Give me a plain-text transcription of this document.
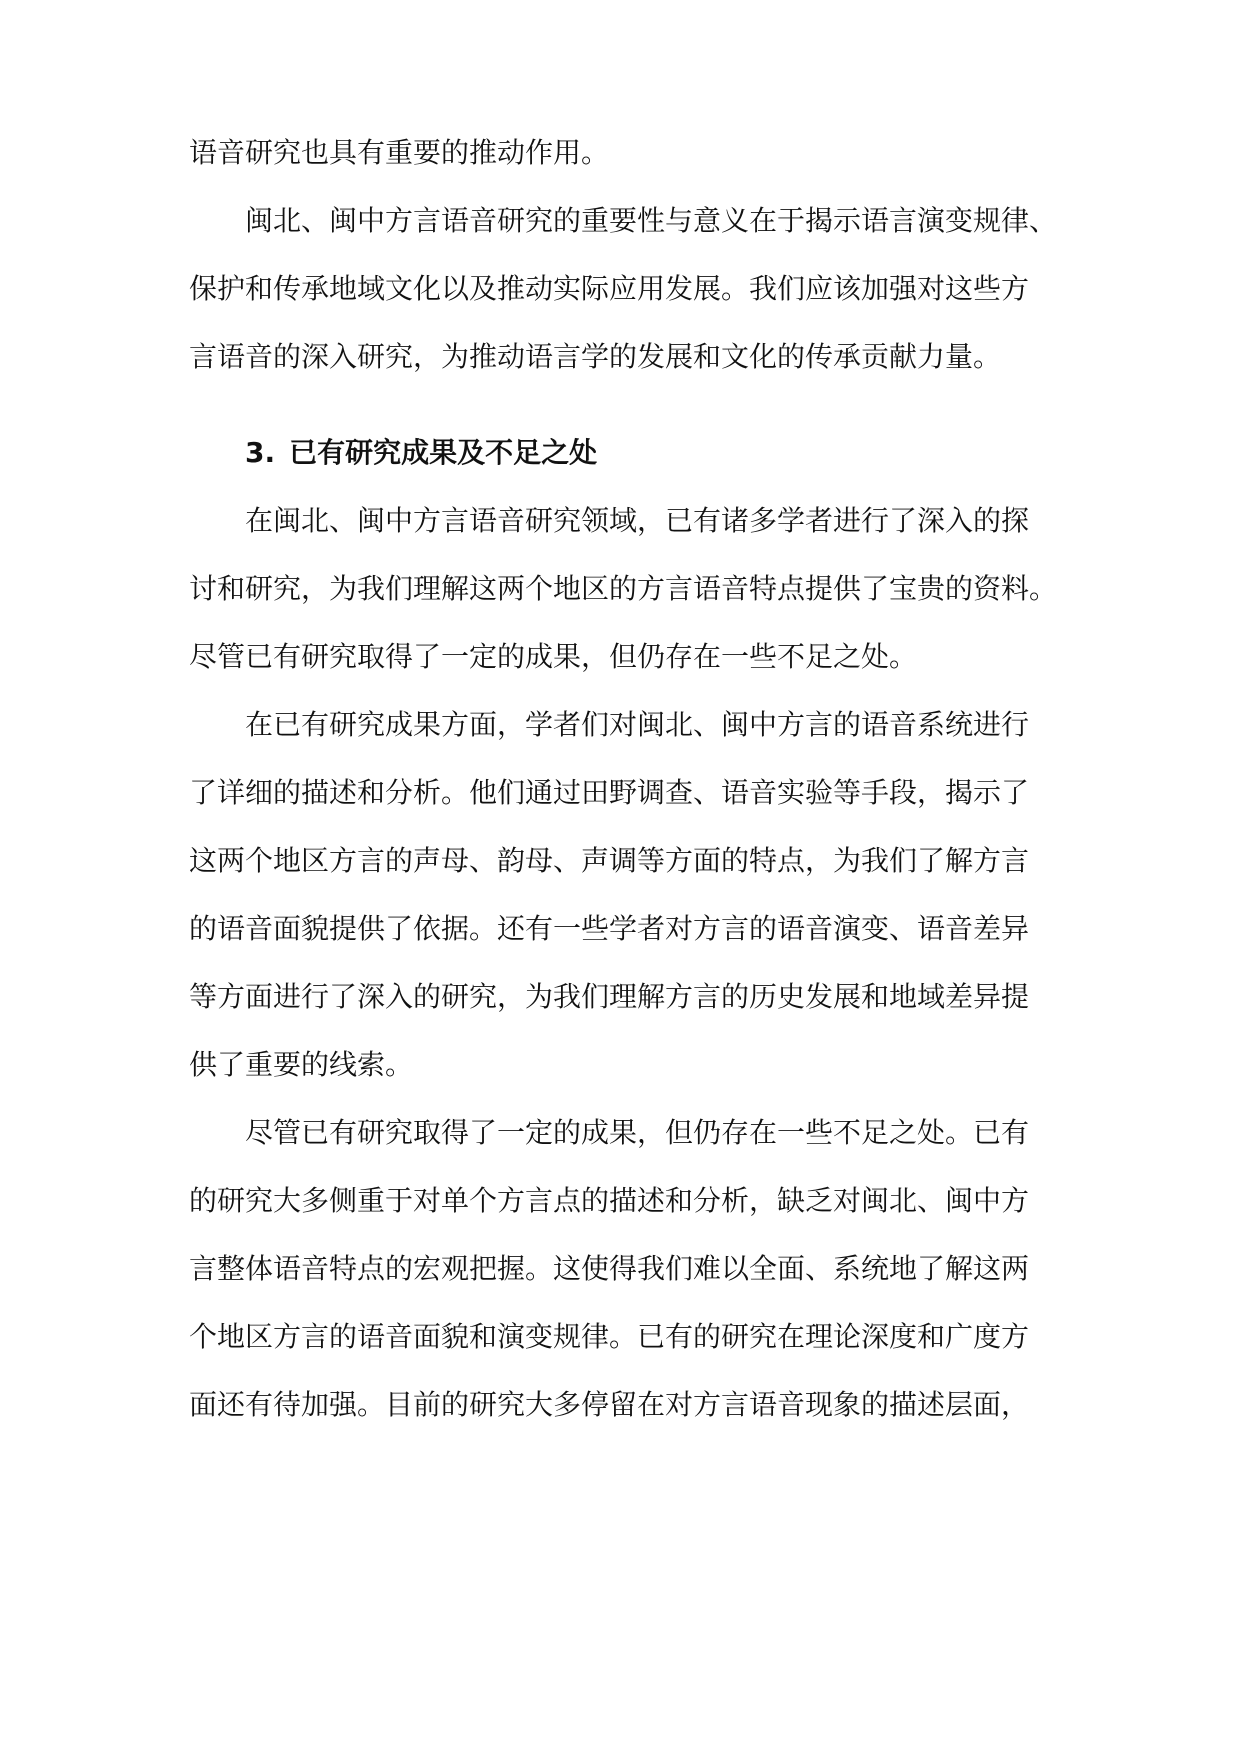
语音研究也具有重要的推动作用。

闽北、闽中方言语音研究的重要性与意义在于揭示语言演变规律、

保护和传承地域文化以及推动实际应用发展。我们应该加强对这些方

言语音的深入研究，为推动语言学的发展和文化的传承贡献力量。

3. 已有研究成果及不足之处

在闽北、闽中方言语音研究领域，已有诸多学者进行了深入的探

讨和研究，为我们理解这两个地区的方言语音特点提供了宝贵的资料。

尽管已有研究取得了一定的成果，但仍存在一些不足之处。

在已有研究成果方面，学者们对闽北、闽中方言的语音系统进行

了详细的描述和分析。他们通过田野调查、语音实验等手段，揭示了

这两个地区方言的声母、韵母、声调等方面的特点，为我们了解方言

的语音面貌提供了依据。还有一些学者对方言的语音演变、语音差异

等方面进行了深入的研究，为我们理解方言的历史发展和地域差异提

供了重要的线索。

尽管已有研究取得了一定的成果，但仍存在一些不足之处。已有

的研究大多侧重于对单个方言点的描述和分析，缺乏对闽北、闽中方

言整体语音特点的宏观把握。这使得我们难以全面、系统地了解这两

个地区方言的语音面貌和演变规律。已有的研究在理论深度和广度方

面还有待加强。目前的研究大多停留在对方言语音现象的描述层面，
